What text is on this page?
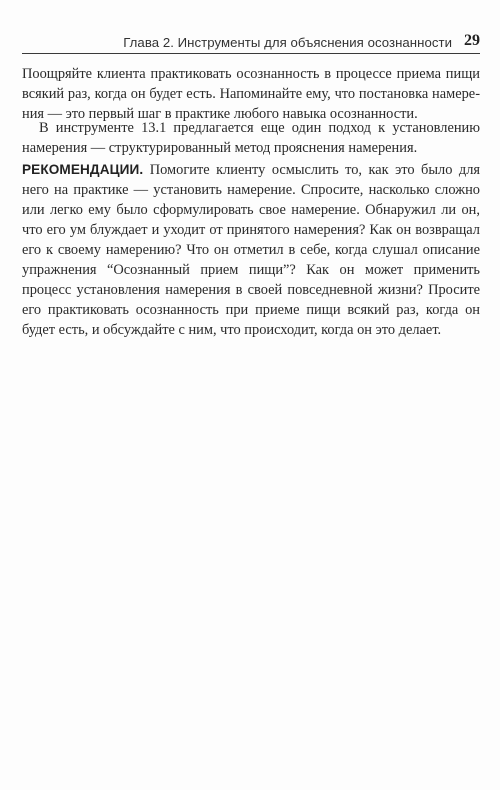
Глава 2. Инструменты для объяснения осознанности 29

Поощряйте клиента практиковать осознанность в процессе приема пищи всякий раз, когда он будет есть. Напоминайте ему, что постановка намерения — это первый шаг в практике любого навыка осознанности.

В инструменте 13.1 предлагается еще один подход к установлению намерения — структурированный метод прояснения намерения.

РЕКОМЕНДАЦИИ. Помогите клиенту осмыслить то, как это было для него на практике — установить намерение. Спросите, насколько сложно или легко ему было сформулировать свое намерение. Обнаружил ли он, что его ум блуждает и уходит от принятого намерения? Как он возвращал его к своему намерению? Что он отметил в себе, когда слушал описание упражнения “Осознанный прием пищи”? Как он может применить процесс установления намерения в своей повседневной жизни? Просите его практиковать осознанность при приеме пищи всякий раз, когда он будет есть, и обсуждайте с ним, что происходит, когда он это делает.
